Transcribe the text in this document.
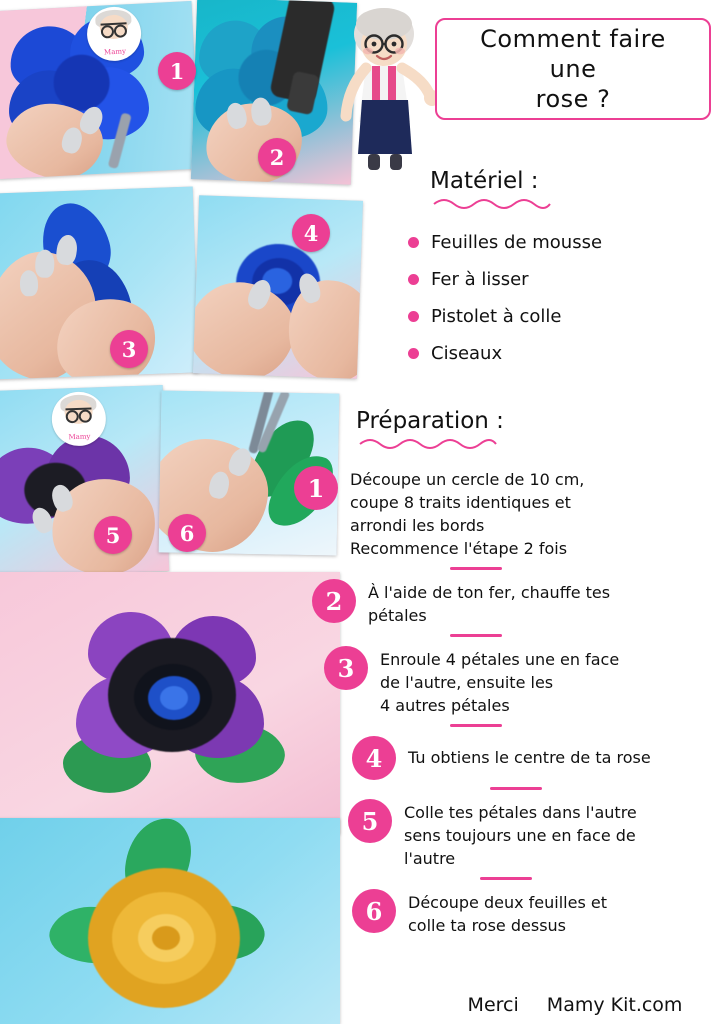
Mamy
1
2
3
4
Mamy
5	6
Comment faire
une
rose ?
Matériel :
Feuilles de mousse
Fer à lisser
Pistolet à colle
Ciseaux
Préparation :
1	Découpe un cercle de 10 cm,
coupe 8 traits identiques et
arrondi les bords
Recommence l'étape 2 fois
2	À l'aide de ton fer, chauffe tes
pétales
3	Enroule 4 pétales une en face
de l'autre, ensuite les
4 autres pétales
4	Tu obtiens le centre de ta rose
5	Colle tes pétales dans l'autre
sens toujours une en face de
l'autre
6	Découpe deux feuilles et
colle ta rose dessus
Merci Mamy Kit.com
